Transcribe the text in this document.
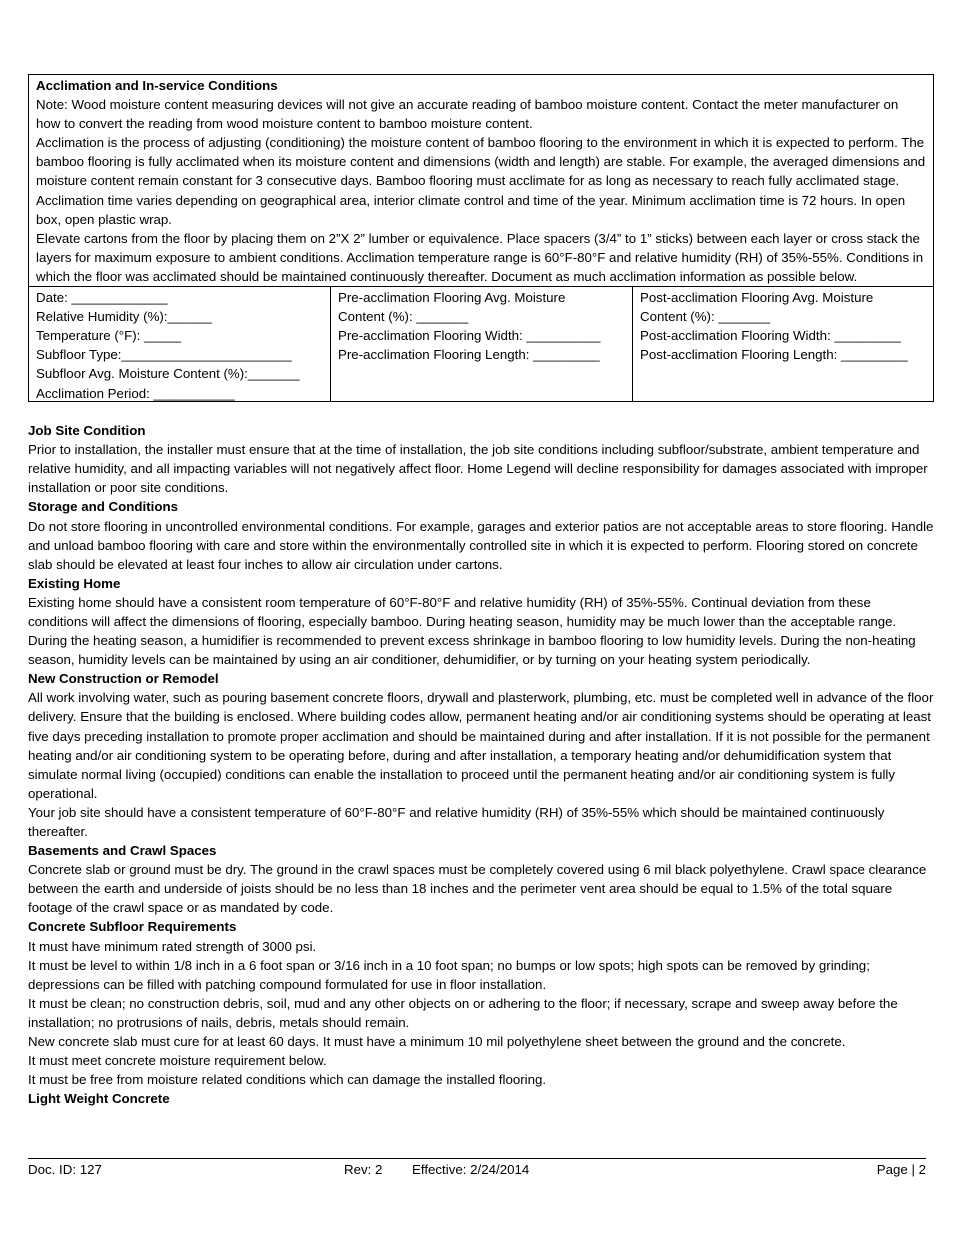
Acclimation and In-service Conditions

Note: Wood moisture content measuring devices will not give an accurate reading of bamboo moisture content. Contact the meter manufacturer on how to convert the reading from wood moisture content to bamboo moisture content.

Acclimation is the process of adjusting (conditioning) the moisture content of bamboo flooring to the environment in which it is expected to perform. The bamboo flooring is fully acclimated when its moisture content and dimensions (width and length) are stable. For example, the averaged dimensions and moisture content remain constant for 3 consecutive days. Bamboo flooring must acclimate for as long as necessary to reach fully acclimated stage. Acclimation time varies depending on geographical area, interior climate control and time of the year. Minimum acclimation time is 72 hours. In open box, open plastic wrap.

Elevate cartons from the floor by placing them on 2”X 2” lumber or equivalence. Place spacers (3/4” to 1” sticks) between each layer or cross stack the layers for maximum exposure to ambient conditions. Acclimation temperature range is 60°F-80°F and relative humidity (RH) of 35%-55%. Conditions in which the floor was acclimated should be maintained continuously thereafter. Document as much acclimation information as possible below.

Date: _____________
Relative Humidity (%):______
Temperature (°F): _____
Subfloor Type:_______________________
Subfloor Avg. Moisture Content (%):_______
Acclimation Period: ___________
Pre-acclimation Flooring Avg. Moisture
Content (%): _______
Pre-acclimation Flooring Width: __________
Pre-acclimation Flooring Length: _________
Post-acclimation Flooring Avg. Moisture
Content (%): _______
Post-acclimation Flooring Width: _________
Post-acclimation Flooring Length: _________

Job Site Condition

Prior to installation, the installer must ensure that at the time of installation, the job site conditions including subfloor/substrate, ambient temperature and relative humidity, and all impacting variables will not negatively affect floor. Home Legend will decline responsibility for damages associated with improper installation or poor site conditions.

Storage and Conditions

Do not store flooring in uncontrolled environmental conditions. For example, garages and exterior patios are not acceptable areas to store flooring. Handle and unload bamboo flooring with care and store within the environmentally controlled site in which it is expected to perform. Flooring stored on concrete slab should be elevated at least four inches to allow air circulation under cartons.

Existing Home

Existing home should have a consistent room temperature of 60°F-80°F and relative humidity (RH) of 35%-55%. Continual deviation from these conditions will affect the dimensions of flooring, especially bamboo. During heating season, humidity may be much lower than the acceptable range. During the heating season, a humidifier is recommended to prevent excess shrinkage in bamboo flooring to low humidity levels. During the non-heating season, humidity levels can be maintained by using an air conditioner, dehumidifier, or by turning on your heating system periodically.

New Construction or Remodel

All work involving water, such as pouring basement concrete floors, drywall and plasterwork, plumbing, etc. must be completed well in advance of the floor delivery. Ensure that the building is enclosed. Where building codes allow, permanent heating and/or air conditioning systems should be operating at least five days preceding installation to promote proper acclimation and should be maintained during and after installation. If it is not possible for the permanent heating and/or air conditioning system to be operating before, during and after installation, a temporary heating and/or dehumidification system that simulate normal living (occupied) conditions can enable the installation to proceed until the permanent heating and/or air conditioning system is fully operational.

Your job site should have a consistent temperature of 60°F-80°F and relative humidity (RH) of 35%-55% which should be maintained continuously thereafter.

Basements and Crawl Spaces

Concrete slab or ground must be dry. The ground in the crawl spaces must be completely covered using 6 mil black polyethylene. Crawl space clearance between the earth and underside of joists should be no less than 18 inches and the perimeter vent area should be equal to 1.5% of the total square footage of the crawl space or as mandated by code.

Concrete Subfloor Requirements

It must have minimum rated strength of 3000 psi.

It must be level to within 1/8 inch in a 6 foot span or 3/16 inch in a 10 foot span; no bumps or low spots; high spots can be removed by grinding; depressions can be filled with patching compound formulated for use in floor installation.

It must be clean; no construction debris, soil, mud and any other objects on or adhering to the floor; if necessary, scrape and sweep away before the installation; no protrusions of nails, debris, metals should remain.

New concrete slab must cure for at least 60 days. It must have a minimum 10 mil polyethylene sheet between the ground and the concrete.

It must meet concrete moisture requirement below.

It must be free from moisture related conditions which can damage the installed flooring.

Light Weight Concrete

Doc. ID: 127	Rev: 2 Effective: 2/24/2014	Page | 2
